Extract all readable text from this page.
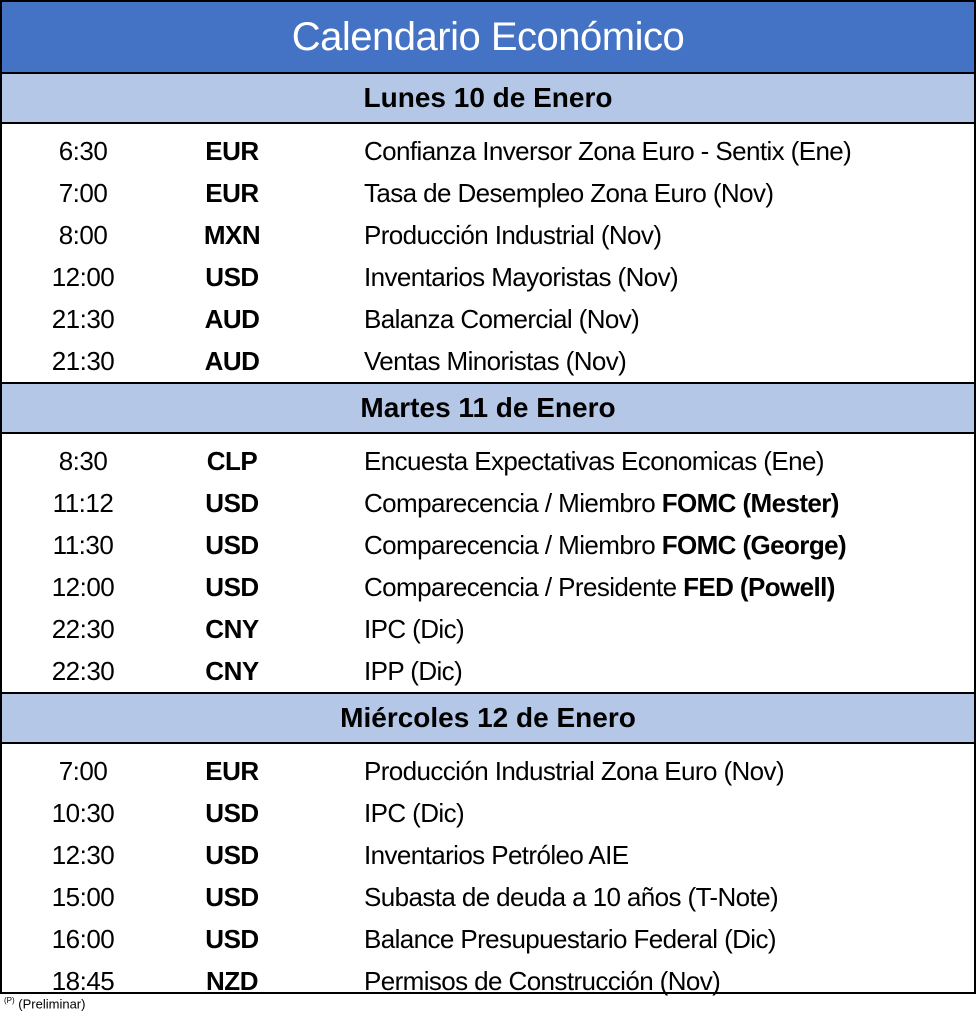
Calendario Económico
Lunes 10 de Enero
6:30	EUR	Confianza Inversor Zona Euro - Sentix (Ene)
7:00	EUR	Tasa de Desempleo Zona Euro (Nov)
8:00	MXN	Producción Industrial (Nov)
12:00	USD	Inventarios Mayoristas (Nov)
21:30	AUD	Balanza Comercial (Nov)
21:30	AUD	Ventas Minoristas (Nov)
Martes 11 de Enero
8:30	CLP	Encuesta Expectativas Economicas (Ene)
11:12	USD	Comparecencia / Miembro FOMC (Mester)
11:30	USD	Comparecencia / Miembro FOMC (George)
12:00	USD	Comparecencia / Presidente FED (Powell)
22:30	CNY	IPC (Dic)
22:30	CNY	IPP (Dic)
Miércoles 12 de Enero
7:00	EUR	Producción Industrial Zona Euro (Nov)
10:30	USD	IPC (Dic)
12:30	USD	Inventarios Petróleo AIE
15:00	USD	Subasta de deuda a 10 años (T-Note)
16:00	USD	Balance Presupuestario Federal (Dic)
18:45	NZD	Permisos de Construcción (Nov)
$^{(P)}$ (Preliminar)
